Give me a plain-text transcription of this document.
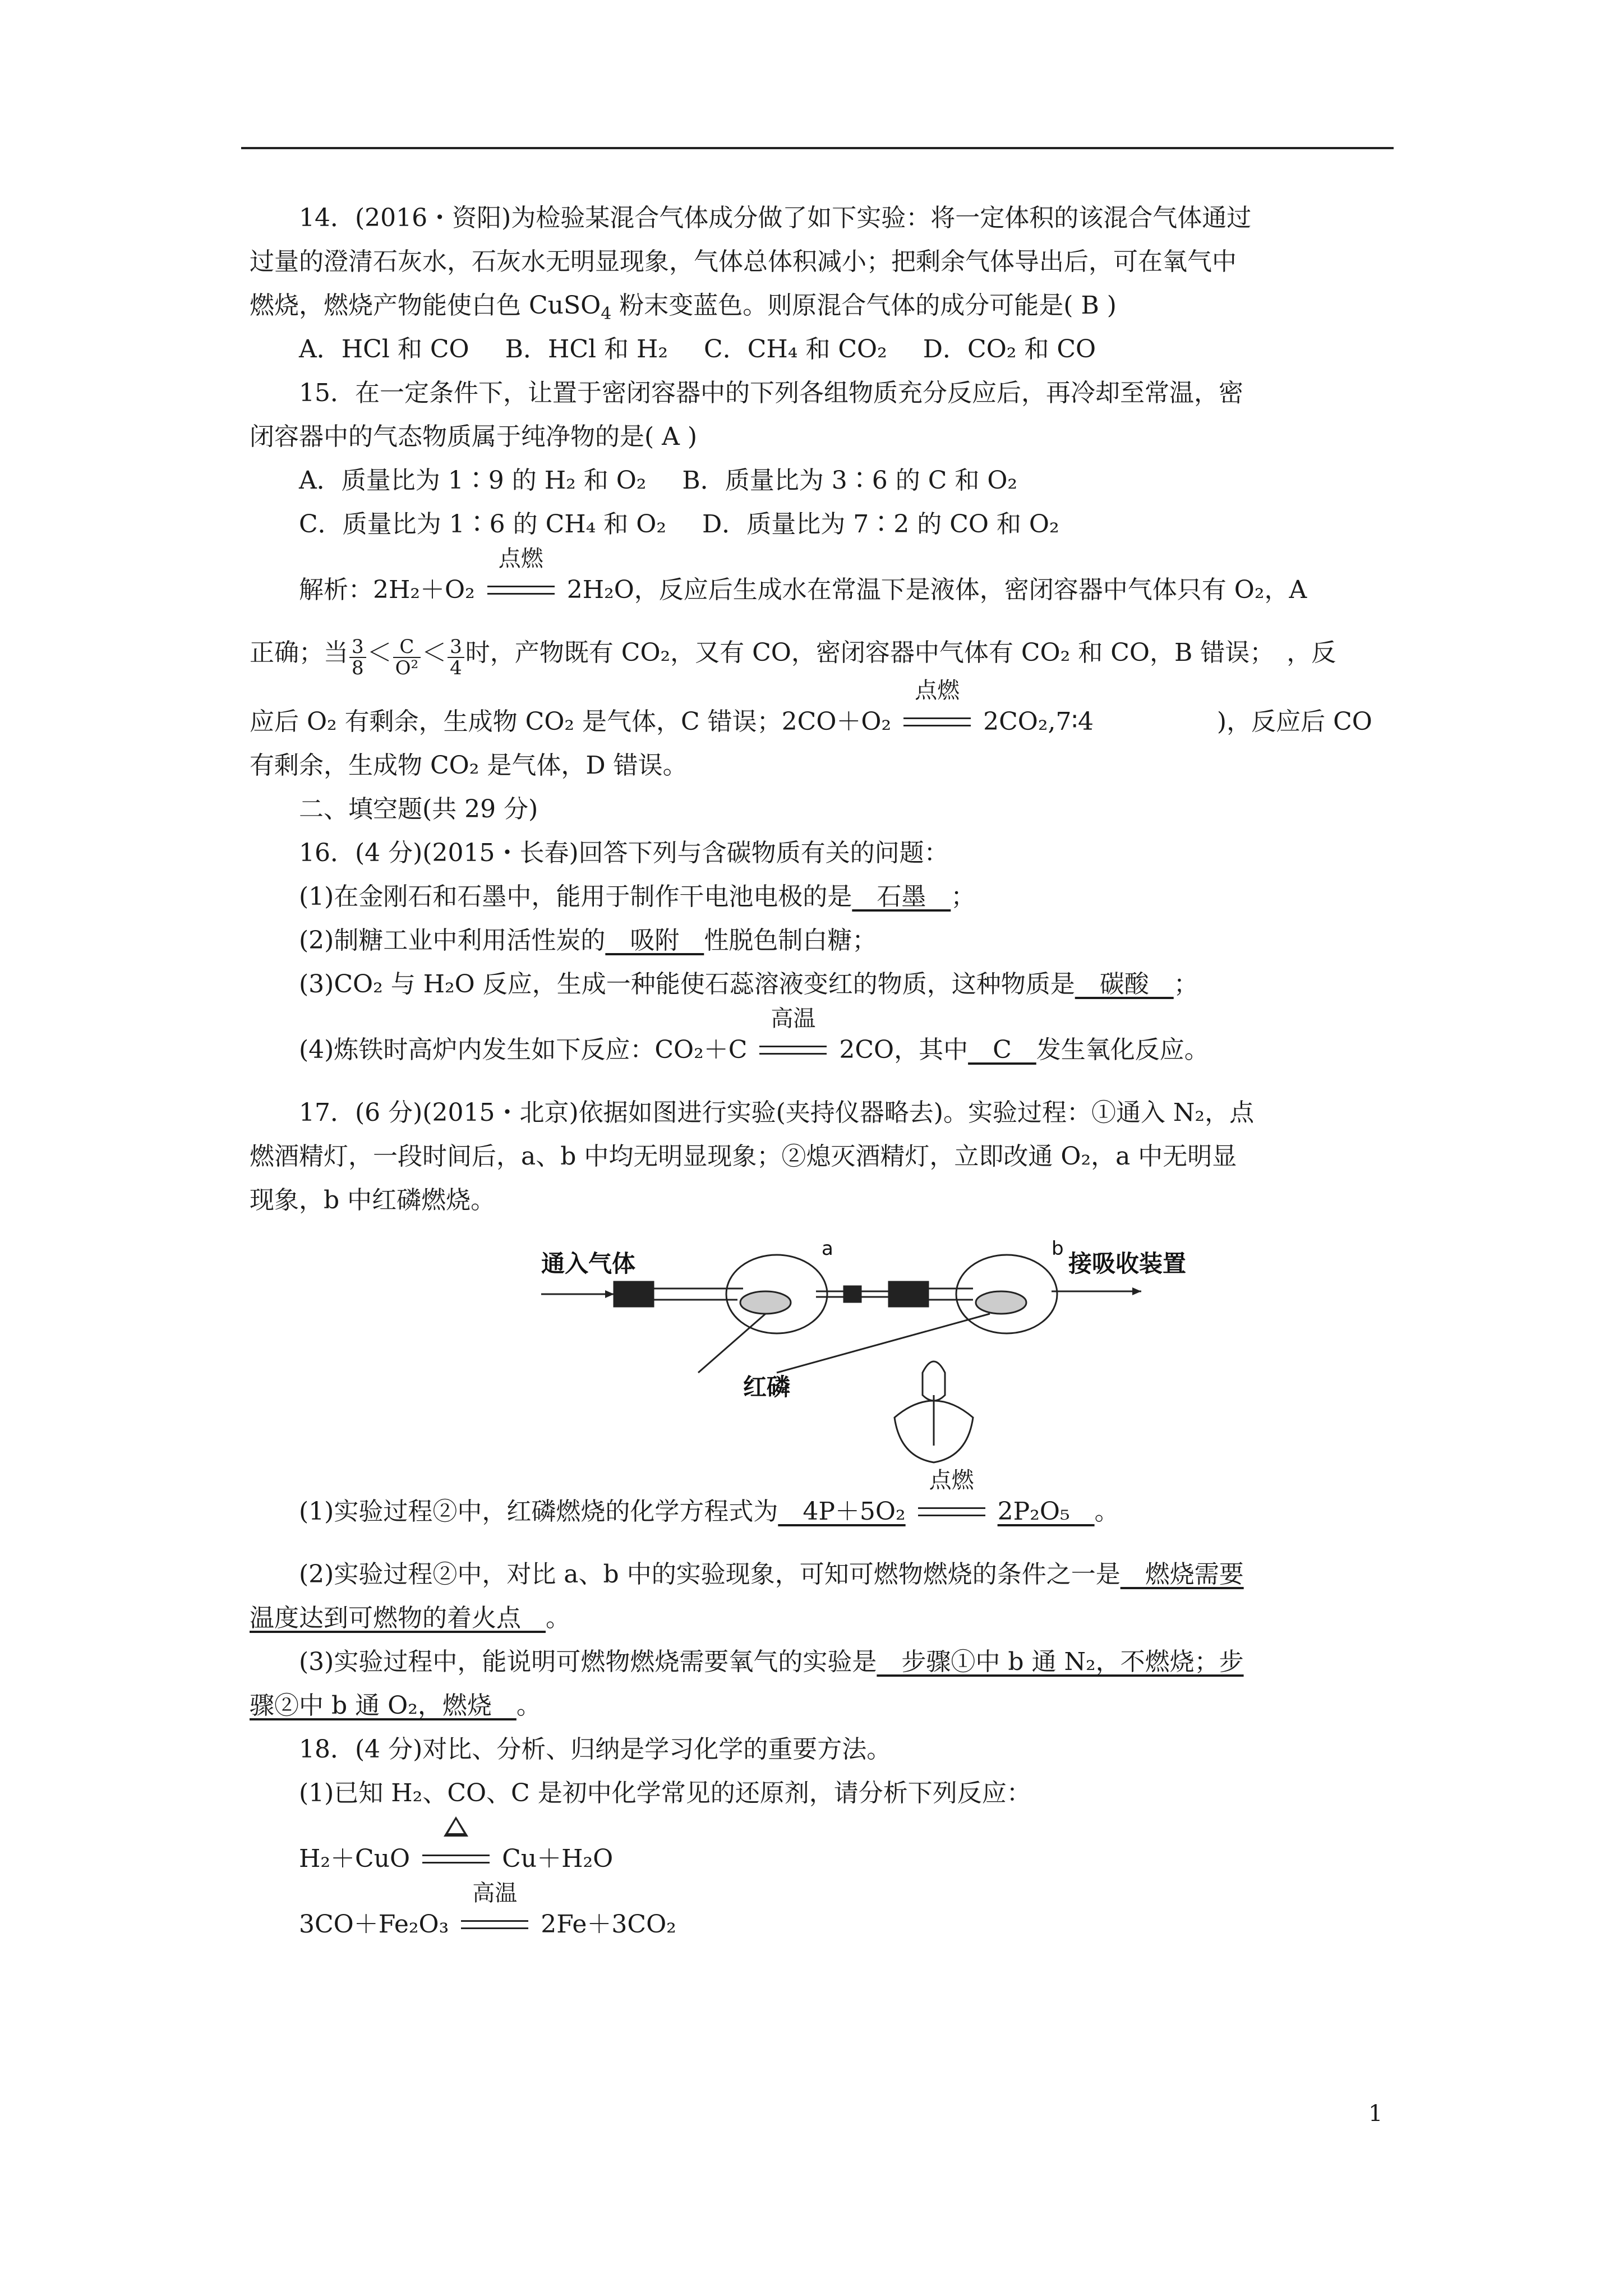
14．(2016・资阳)为检验某混合气体成分做了如下实验：将一定体积的该混合气体通过

过量的澄清石灰水，石灰水无明显现象，气体总体积减小；把剩余气体导出后，可在氧气中

燃烧，燃烧产物能使白色 CuSO$_4$ 粉末变蓝色。则原混合气体的成分可能是( B )

A．HCl 和 CO B．HCl 和 H₂ C．CH₄ 和 CO₂ D．CO₂ 和 CO

15．在一定条件下，让置于密闭容器中的下列各组物质充分反应后，再冷却至常温，密

闭容器中的气态物质属于纯净物的是( A )

A．质量比为 1∶9 的 H₂ 和 O₂ B．质量比为 3∶6 的 C 和 O₂

C．质量比为 1∶6 的 CH₄ 和 O₂ D．质量比为 7∶2 的 CO 和 O₂

解析：2H₂＋O₂
点燃
2H₂O，反应后生成水在常温下是液体，密闭容器中气体只有 O₂，A

正确；当 $\frac{3}{8} < \frac{C}{\text{O²}} < \frac{3}{4}$ 时，产物既有 CO₂，又有 CO，密闭容器中气体有 CO₂ 和 CO，B 错误；　，反

应后 O₂ 有剩余，生成物 CO₂ 是气体，C 错误；2CO＋O₂
点燃
2CO₂,7∶4　　　　　)，反应后 CO

有剩余，生成物 CO₂ 是气体，D 错误。

二、填空题(共 29 分)

16．(4 分)(2015・长春)回答下列与含碳物质有关的问题：

(1)在金刚石和石墨中，能用于制作干电池电极的是　石墨　；

(2)制糖工业中利用活性炭的　吸附　性脱色制白糖；

(3)CO₂ 与 H₂O 反应，生成一种能使石蕊溶液变红的物质，这种物质是　碳酸　；

(4)炼铁时高炉内发生如下反应：CO₂＋C
高温
2CO，其中　C　发生氧化反应。

17．(6 分)(2015・北京)依据如图进行实验(夹持仪器略去)。实验过程：①通入 N₂，点

燃酒精灯，一段时间后，a、b 中均无明显现象；②熄灭酒精灯，立即改通 O₂，a 中无明显

现象，b 中红磷燃烧。

通入气体	接吸收装置
a	b
红磷

(1)实验过程②中，红磷燃烧的化学方程式为　4P＋5O₂
点燃
2P₂O₅　。

(2)实验过程②中，对比 a、b 中的实验现象，可知可燃物燃烧的条件之一是　燃烧需要

温度达到可燃物的着火点　。

(3)实验过程中，能说明可燃物燃烧需要氧气的实验是　步骤①中 b 通 N₂，不燃烧；步

骤②中 b 通 O₂，燃烧　。

18．(4 分)对比、分析、归纳是学习化学的重要方法。

(1)已知 H₂、CO、C 是初中化学常见的还原剂，请分析下列反应：

H₂＋CuO	Cu＋H₂O

3CO＋Fe₂O₃
高温
2Fe＋3CO₂

1
